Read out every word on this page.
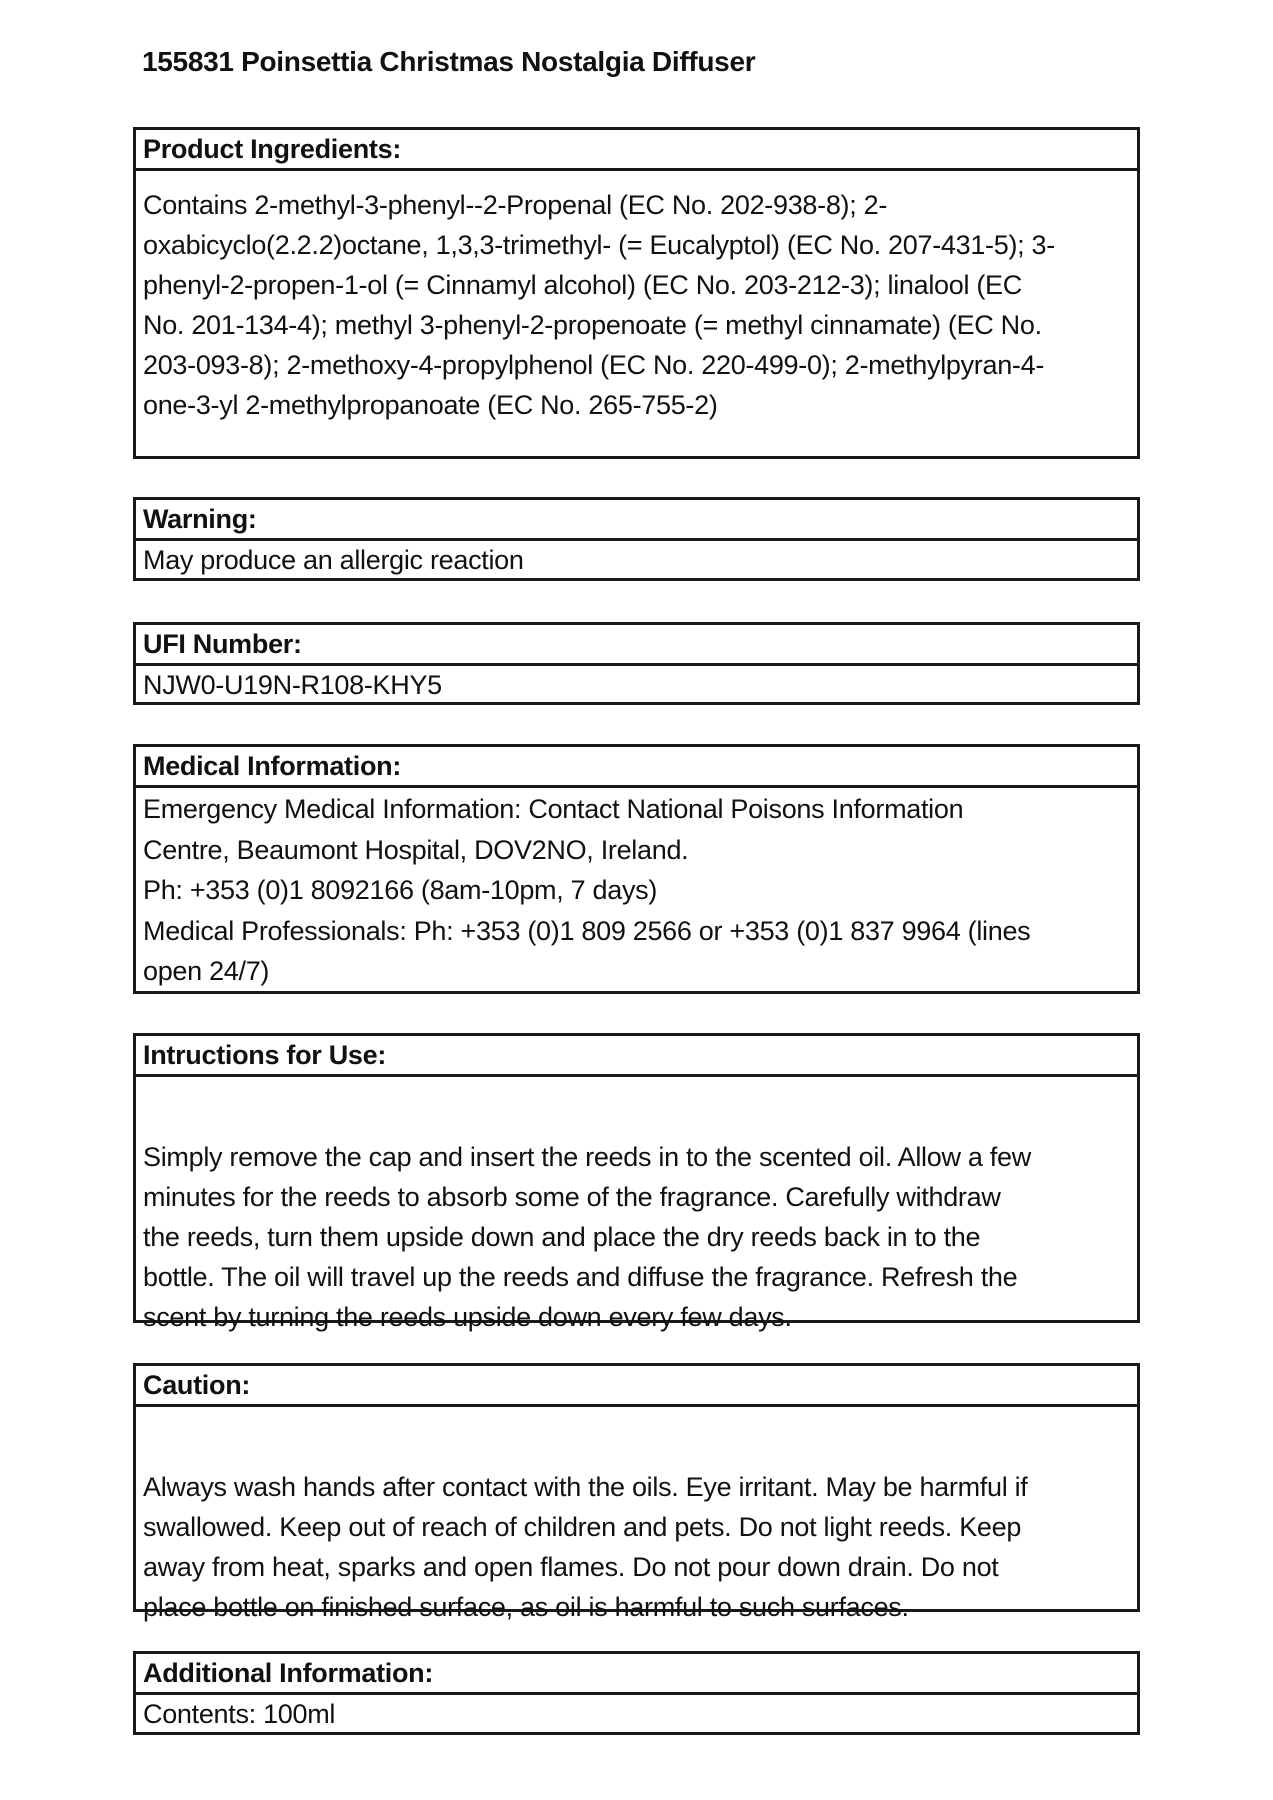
155831 Poinsettia Christmas Nostalgia Diffuser
Product Ingredients:
Contains 2-methyl-3-phenyl--2-Propenal (EC No. 202-938-8); 2-
oxabicyclo(2.2.2)octane, 1,3,3-trimethyl- (= Eucalyptol) (EC No. 207-431-5); 3-
phenyl-2-propen-1-ol (= Cinnamyl alcohol) (EC No. 203-212-3); linalool (EC
No. 201-134-4); methyl 3-phenyl-2-propenoate (= methyl cinnamate) (EC No.
203-093-8); 2-methoxy-4-propylphenol (EC No. 220-499-0); 2-methylpyran-4-
one-3-yl 2-methylpropanoate (EC No. 265-755-2)
Warning:
May produce an allergic reaction
UFI Number:
NJW0-U19N-R108-KHY5
Medical Information:
Emergency Medical Information: Contact National Poisons Information
Centre, Beaumont Hospital, DOV2NO, Ireland.
Ph: +353 (0)1 8092166 (8am-10pm, 7 days)
Medical Professionals: Ph: +353 (0)1 809 2566 or +353 (0)1 837 9964 (lines
open 24/7)
Intructions for Use:
Simply remove the cap and insert the reeds in to the scented oil. Allow a few
minutes for the reeds to absorb some of the fragrance. Carefully withdraw
the reeds, turn them upside down and place the dry reeds back in to the
bottle. The oil will travel up the reeds and diffuse the fragrance. Refresh the
scent by turning the reeds upside down every few days.
Caution:
Always wash hands after contact with the oils. Eye irritant. May be harmful if
swallowed. Keep out of reach of children and pets. Do not light reeds. Keep
away from heat, sparks and open flames. Do not pour down drain. Do not
place bottle on finished surface, as oil is harmful to such surfaces.
Additional Information:
Contents: 100ml
